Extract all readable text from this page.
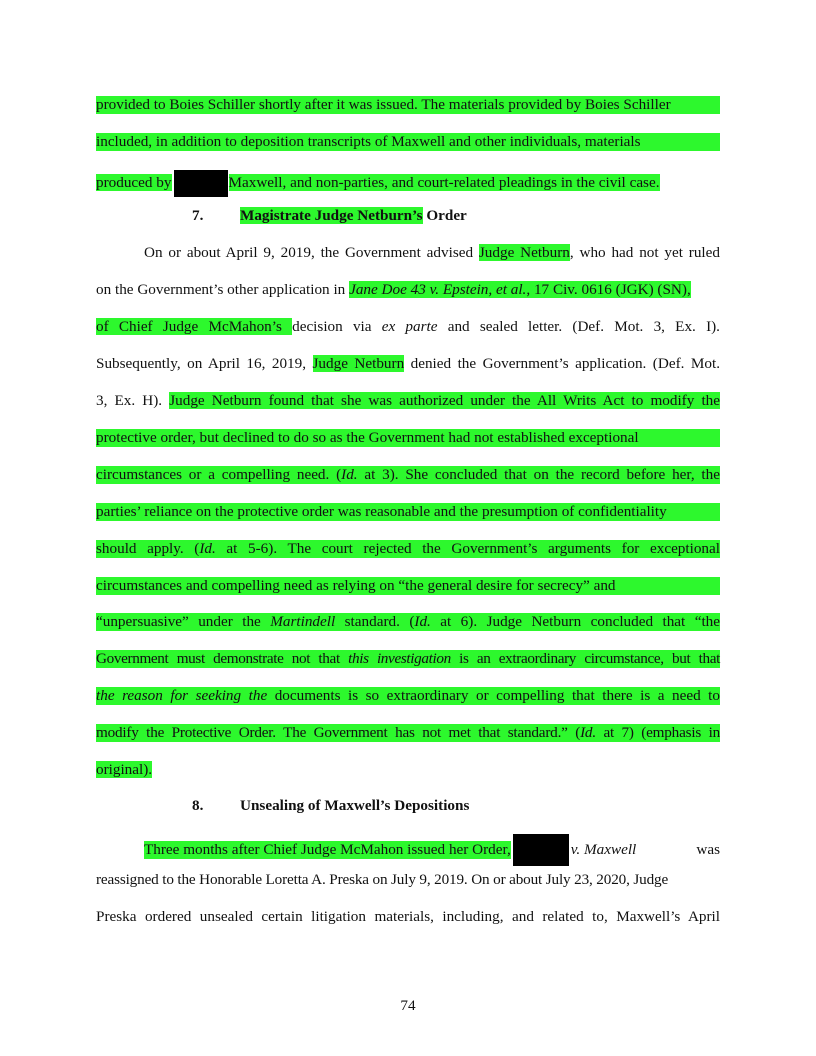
provided to Boies Schiller shortly after it was issued. The materials provided by Boies Schiller
included, in addition to deposition transcripts of Maxwell and other individuals, materials
produced by	Maxwell, and non-parties, and court-related pleadings in the civil case.
7. Magistrate Judge Netburn’s Order
On or about April 9, 2019, the Government advised Judge Netburn, who had not yet ruled
on the Government’s other application in Jane Doe 43 v. Epstein, et al., 17 Civ. 0616 (JGK) (SN),
of Chief Judge McMahon’s decision via ex parte and sealed letter. (Def. Mot. 3, Ex. I).
Subsequently, on April 16, 2019, Judge Netburn denied the Government’s application. (Def. Mot.
3, Ex. H). Judge Netburn found that she was authorized under the All Writs Act to modify the
protective order, but declined to do so as the Government had not established exceptional
circumstances or a compelling need. (Id. at 3). She concluded that on the record before her, the
parties’ reliance on the protective order was reasonable and the presumption of confidentiality
should apply. (Id. at 5-6). The court rejected the Government’s arguments for exceptional
circumstances and compelling need as relying on “the general desire for secrecy” and
“unpersuasive” under the Martindell standard. (Id. at 6). Judge Netburn concluded that “the
Government must demonstrate not that this investigation is an extraordinary circumstance, but that
the reason for seeking the documents is so extraordinary or compelling that there is a need to
modify the Protective Order. The Government has not met that standard.” (Id. at 7) (emphasis in
original).
8. Unsealing of Maxwell’s Depositions
Three months after Chief Judge McMahon issued her Order,	v. Maxwell	was
reassigned to the Honorable Loretta A. Preska on July 9, 2019. On or about July 23, 2020, Judge
Preska ordered unsealed certain litigation materials, including, and related to, Maxwell’s April
74
